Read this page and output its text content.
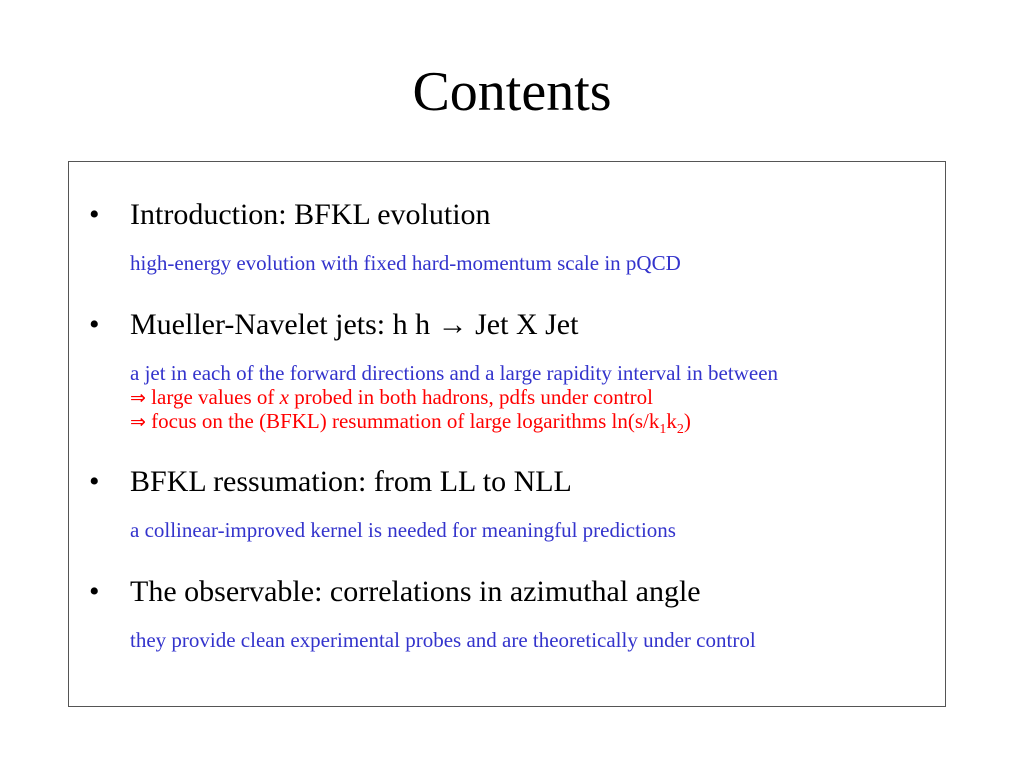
Contents
• Introduction: BFKL evolution
high-energy evolution with fixed hard-momentum scale in pQCD
• Mueller-Navelet jets: h h → Jet X Jet
a jet in each of the forward directions and a large rapidity interval in between
⇒ large values of x probed in both hadrons, pdfs under control
⇒ focus on the (BFKL) resummation of large logarithms $\ln(s/k_1k_2)$
• BFKL ressumation: from LL to NLL
a collinear-improved kernel is needed for meaningful predictions
• The observable: correlations in azimuthal angle
they provide clean experimental probes and are theoretically under control
